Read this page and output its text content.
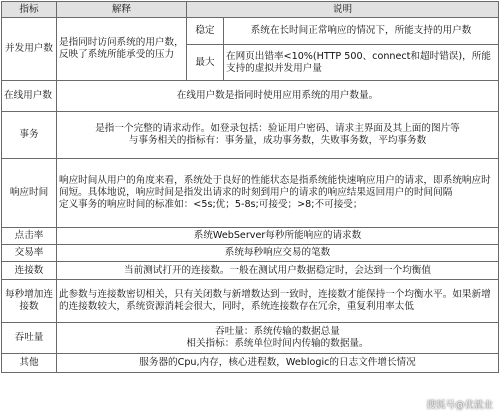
指标	解释	说明	
并发用户数	是指同时访问系统的用户数，反映了系统所能承受的压力	稳定	系统在长时间正常响应的情况下，所能支持的用户数
		最大	在网页出错率<10%(HTTP 500、connect和超时错误)，所能支持的虚拟并发用户量
在线用户数	在线用户数是指同时使用应用系统的用户数量。		
事务	是指一个完整的请求动作。如登录包括：验证用户密码、请求主界面及其上面的图片等
与事务相关的指标有：事务量，成功事务数，失败事务数，平均事务数		

响应时间	响应时间从用户的角度来看，系统处于良好的性能状态是指系统能快速响应用户的请求，即系统响应时间短。具体地说，响应时间是指发出请求的时刻到用户的请求的响应结果返回用户的时间间隔
定义事务的响应时间的标准如：<5s;优；5-8s;可接受；>8;不可接受；		

点击率	系统WebServer每秒所能响应的请求数		
交易率	系统每秒响应交易的笔数		
连接数	当前测试打开的连接数。一般在测试用户数据稳定时，会达到一个均衡值		
每秒增加连接数	此参数与连接数密切相关，只有关闭数与新增数达到一致时，连接数才能保持一个均衡水平。如果新增的连接数较大，系统资源消耗会很大，同时，系统连接数存在冗余，重复利用率太低		
吞吐量	吞吐量：系统传输的数据总量
相关指标：系统单位时间内传输的数据量。		

其他	服务器的Cpu,内存，核心进程数，Weblogic的日志文件增长情况		
搜狐号@优就业
